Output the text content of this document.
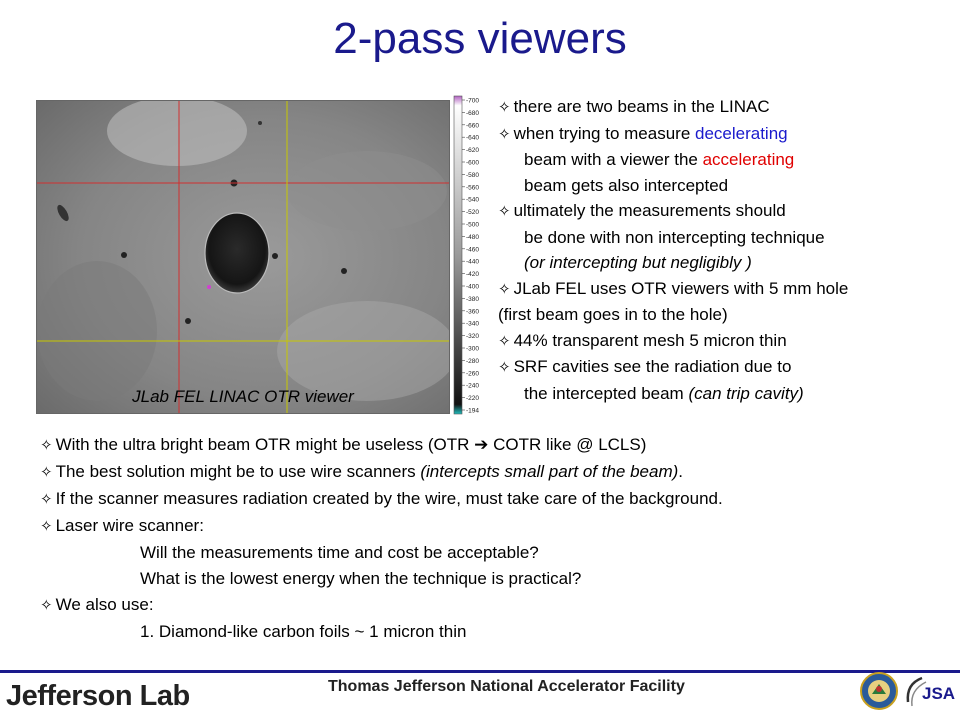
2-pass viewers
JLab FEL LINAC OTR viewer
-700
-680
-660
-640
-620
-600
-580
-560
-540
-520
-500
-480
-460
-440
-420
-400
-380
-360
-340
-320
-300
-280
-260
-240
-220
-194
✧ there are two beams in the LINAC
✧ when trying to measure decelerating
beam with a viewer the accelerating
beam gets also intercepted
✧ ultimately the measurements should
be done with non intercepting technique
(or intercepting but negligibly )
✧ JLab FEL uses OTR viewers with 5 mm hole
(first beam goes in to the hole)
✧ 44% transparent mesh 5 micron thin
✧ SRF cavities see the radiation due to
the intercepted beam (can trip cavity)
✧ With the ultra bright beam OTR might be useless (OTR ➔ COTR like @ LCLS)
✧ The best solution might be to use wire scanners (intercepts small part of the beam).
✧ If the scanner measures radiation created by the wire, must take care of the background.
✧ Laser wire scanner:
Will the measurements time and cost be acceptable?
What is the lowest energy when the technique is practical?
✧ We also use:
1. Diamond-like carbon foils ~ 1 micron thin
Jefferson Lab	Thomas Jefferson National Accelerator Facility	JSA
